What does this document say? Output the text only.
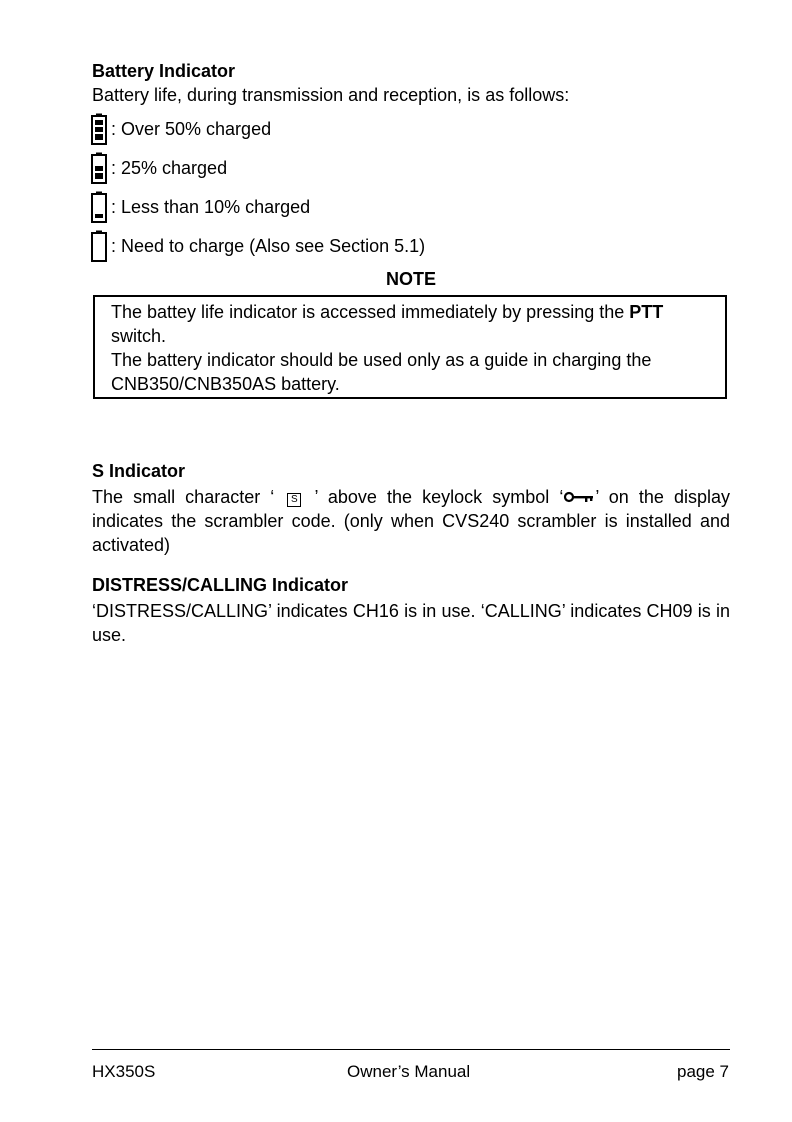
Battery Indicator
Battery life, during transmission and reception, is as follows:
: Over 50% charged
: 25% charged
: Less than 10% charged
: Need to charge (Also see Section 5.1)
NOTE
The battey life indicator is accessed immediately by pressing the PTT
switch.
The battery indicator should be used only as a guide in charging the CNB350/CNB350AS battery.
S Indicator
The small character ‘ S ’ above the keylock symbol ‘ ’ on the display indicates the scrambler code. (only when CVS240 scrambler is installed and activated)
DISTRESS/CALLING Indicator
‘DISTRESS/CALLING’ indicates CH16 is in use. ‘CALLING’ indicates CH09 is in use.
HX350S	Owner’s Manual	page 7
